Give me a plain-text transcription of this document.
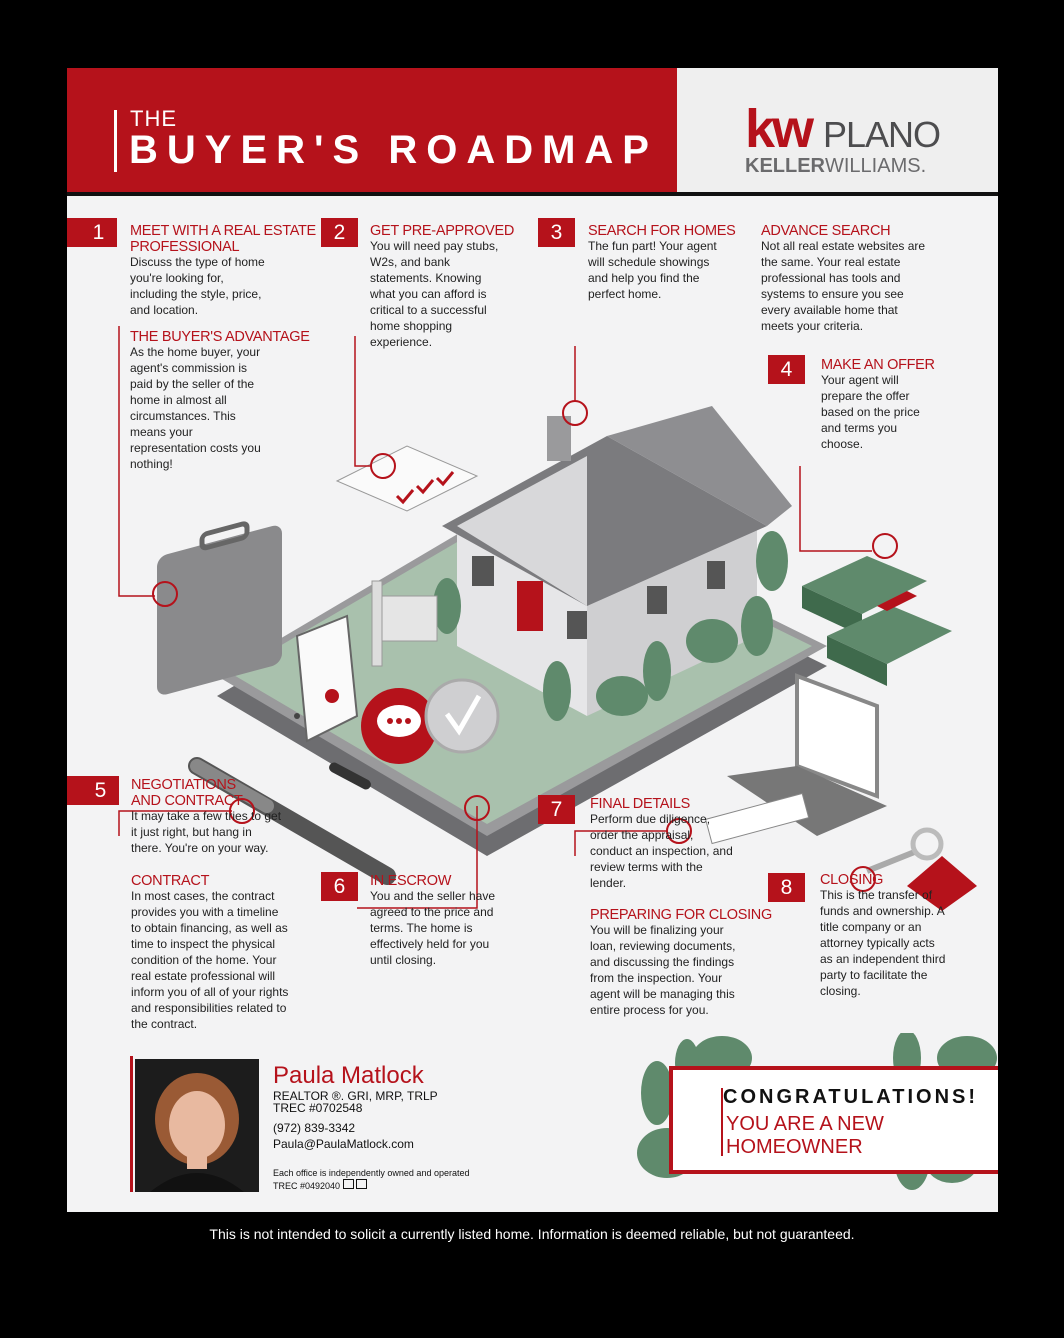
THE
BUYER'S ROADMAP kw PLANO
KELLERWILLIAMS.
1	MEET WITH A REAL ESTATE
PROFESSIONAL
Discuss the type of home
you're looking for,
including the style, price,
and location.
THE BUYER'S ADVANTAGE
As the home buyer, your
agent's commission is
paid by the seller of the
home in almost all
circumstances. This
means your
representation costs you
nothing!
2	GET PRE-APPROVED
You will need pay stubs,
W2s, and bank
statements. Knowing
what you can afford is
critical to a successful
home shopping
experience.
3	SEARCH FOR HOMES
The fun part! Your agent
will schedule showings
and help you find the
perfect home.
ADVANCE SEARCH
Not all real estate websites are
the same. Your real estate
professional has tools and
systems to ensure you see
every available home that
meets your criteria.
4	MAKE AN OFFER
Your agent will
prepare the offer
based on the price
and terms you
choose.
5	NEGOTIATIONS
AND CONTRACT
It may take a few tries to get
it just right, but hang in
there. You're on your way.
CONTRACT
In most cases, the contract
provides you with a timeline
to obtain financing, as well as
time to inspect the physical
condition of the home. Your
real estate professional will
inform you of all of your rights
and responsibilities related to
the contract.
6	IN ESCROW
You and the seller have
agreed to the price and
terms. The home is
effectively held for you
until closing.
7	FINAL DETAILS
Perform due diligence,
order the appraisal,
conduct an inspection, and
review terms with the
lender.
PREPARING FOR CLOSING
You will be finalizing your
loan, reviewing documents,
and discussing the findings
from the inspection. Your
agent will be managing this
entire process for you.
8	CLOSING
This is the transfer of
funds and ownership. A
title company or an
attorney typically acts
as an independent third
party to facilitate the
closing.
Paula Matlock
REALTOR ®. GRI, MRP, TRLP
TREC #0702548
(972) 839-3342
Paula@PaulaMatlock.com
Each office is independently owned and operated
TREC #0492040
CONGRATULATIONS!
YOU ARE A NEW
HOMEOWNER
This is not intended to solicit a currently listed home. Information is deemed reliable, but not guaranteed.
